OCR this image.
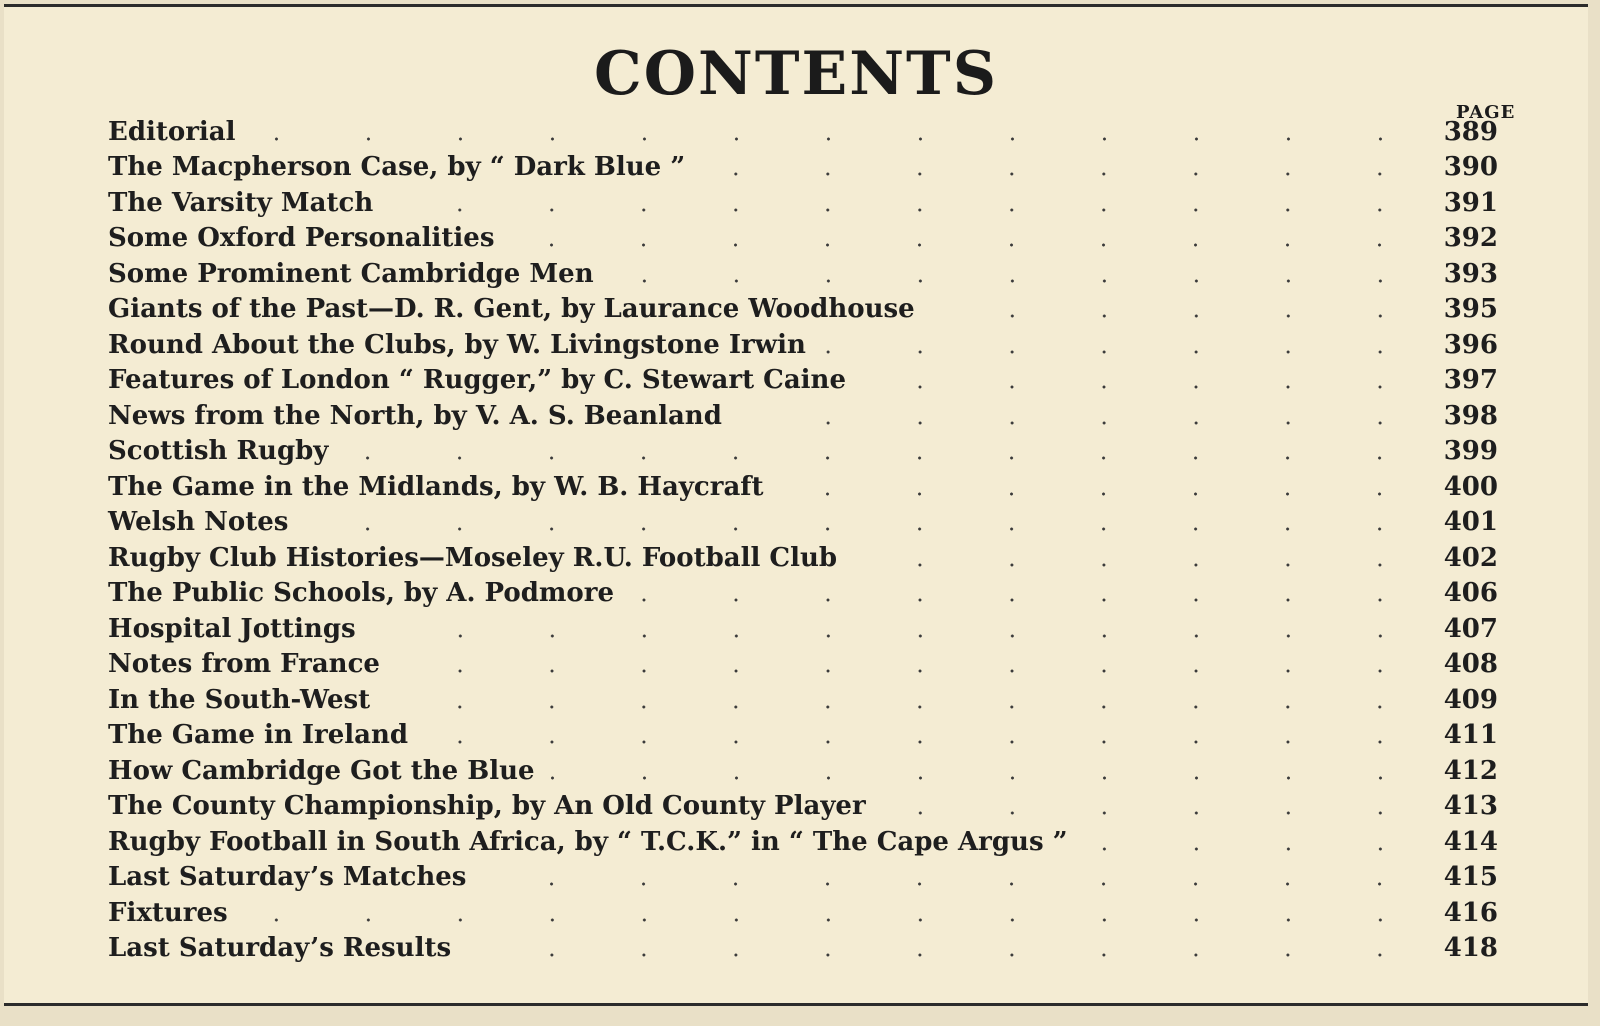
CONTENTS
PAGE
Editorial	389
The Macpherson Case, by “ Dark Blue ”	390
The Varsity Match	391
Some Oxford Personalities	392
Some Prominent Cambridge Men	393
Giants of the Past—D. R. Gent, by Laurance Woodhouse	395
Round About the Clubs, by W. Livingstone Irwin	396
Features of London “ Rugger,” by C. Stewart Caine	397
News from the North, by V. A. S. Beanland	398
Scottish Rugby	399
The Game in the Midlands, by W. B. Haycraft	400
Welsh Notes	401
Rugby Club Histories—Moseley R.U. Football Club	402
The Public Schools, by A. Podmore	406
Hospital Jottings	407
Notes from France	408
In the South-West	409
The Game in Ireland	411
How Cambridge Got the Blue	412
The County Championship, by An Old County Player	413
Rugby Football in South Africa, by “ T.C.K.” in “ The Cape Argus ”	414
Last Saturday’s Matches	415
Fixtures	416
Last Saturday’s Results	418
